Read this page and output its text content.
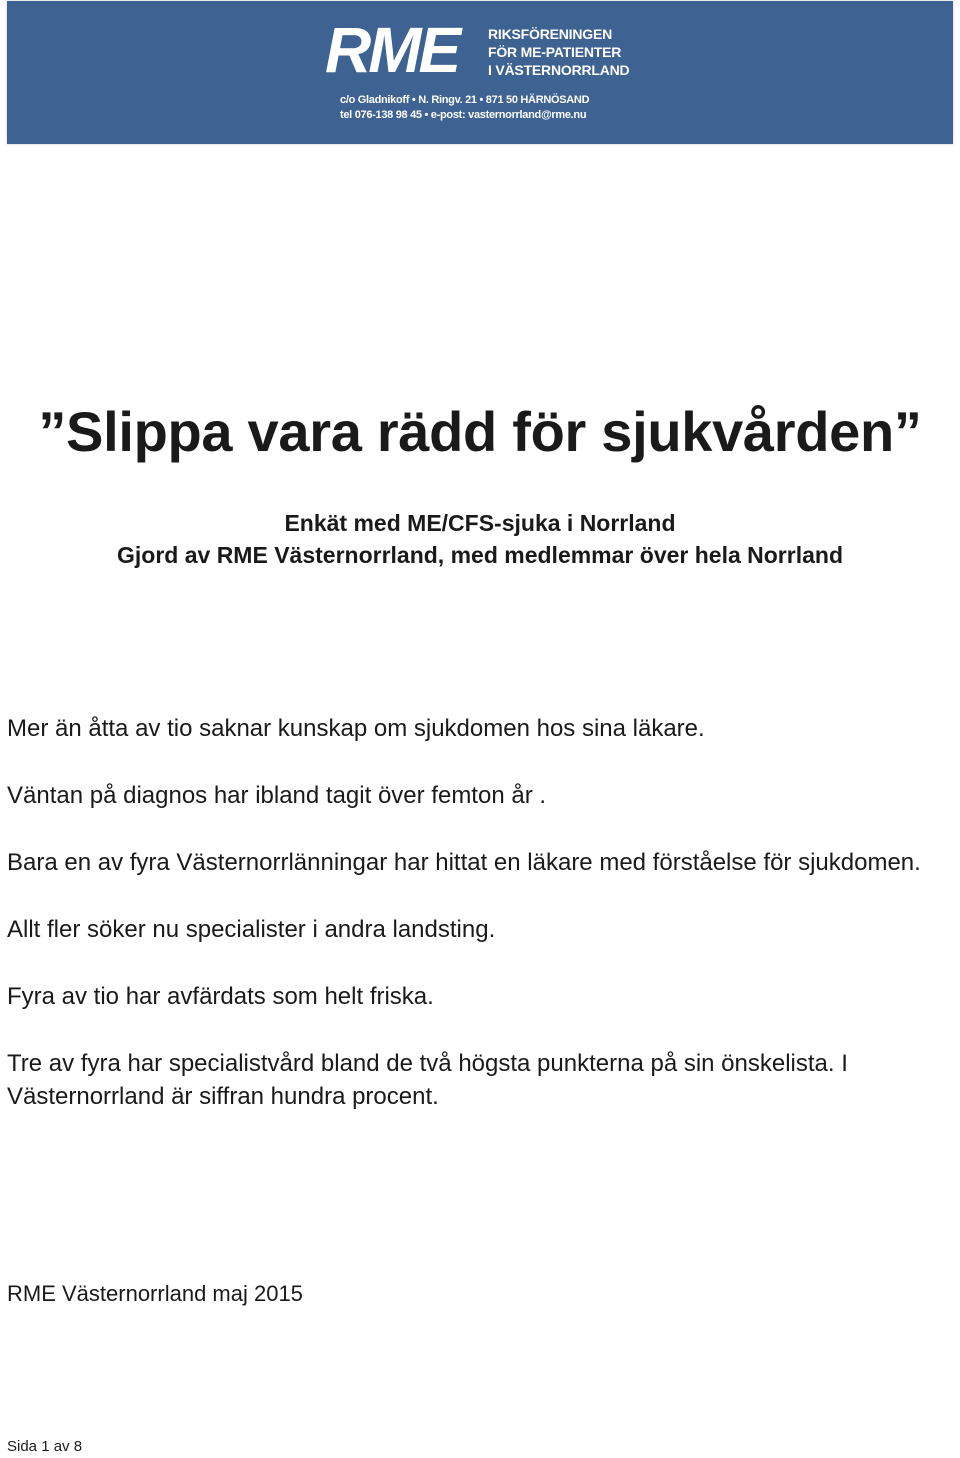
RME RIKSFÖRENINGEN
FÖR ME-PATIENTER
I VÄSTERNORRLAND
c/o Gladnikoff • N. Ringv. 21 • 871 50 HÄRNÖSAND
tel 076-138 98 45 • e-post: vasternorrland@rme.nu
”Slippa vara rädd för sjukvården”
Enkät med ME/CFS-sjuka i Norrland
Gjord av RME Västernorrland, med medlemmar över hela Norrland

Mer än åtta av tio saknar kunskap om sjukdomen hos sina läkare.

Väntan på diagnos har ibland tagit över femton år .

Bara en av fyra Västernorrlänningar har hittat en läkare med förståelse för sjukdomen.

Allt fler söker nu specialister i andra landsting.

Fyra av tio har avfärdats som helt friska.

Tre av fyra har specialistvård bland de två högsta punkterna på sin önskelista. I Västernorrland är siffran hundra procent.

RME Västernorrland maj 2015
Sida 1 av 8
